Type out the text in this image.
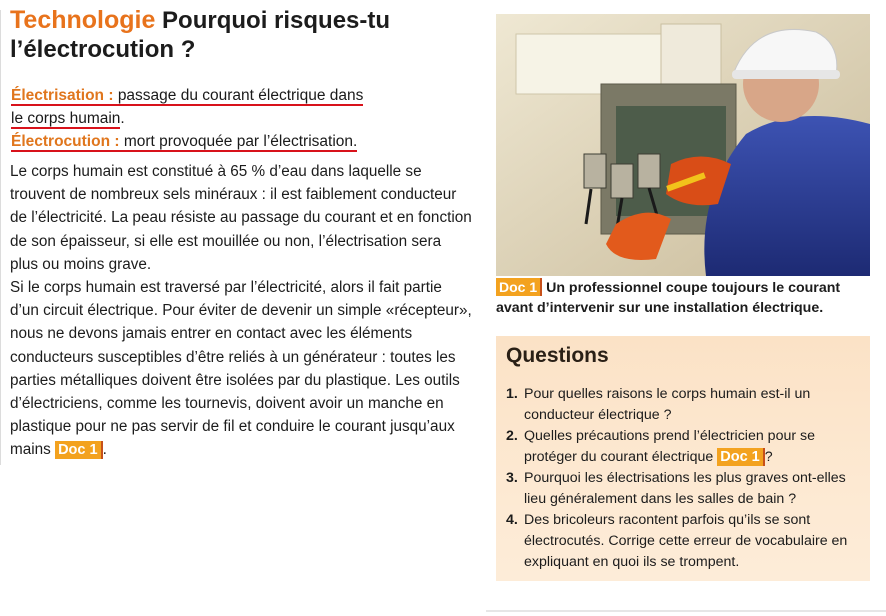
Technologie Pourquoi risques-tu
l’électrocution ?
Électrisation : passage du courant électrique dans
le corps humain.
Électrocution : mort provoquée par l’électrisation.
Le corps humain est constitué à 65 % d’eau dans laquelle se trouvent de nombreux sels minéraux : il est faiblement conducteur de l’électricité. La peau résiste au passage du courant et en fonction de son épaisseur, si elle est mouillée ou non, l’électrisation sera plus ou moins grave.
Si le corps humain est traversé par l’électricité, alors il fait partie d’un circuit électrique. Pour éviter de devenir un simple «récepteur», nous ne devons jamais entrer en contact avec les éléments conducteurs susceptibles d’être reliés à un générateur : toutes les parties métalliques doivent être isolées par du plastique. Les outils d’électriciens, comme les tournevis, doivent avoir un manche en plastique pour ne pas servir de fil et conduire le courant jusqu’aux mains Doc 1 .
Doc 1 Un professionnel coupe toujours le courant avant d’intervenir sur une installation électrique.
Questions
1. Pour quelles raisons le corps humain est-il un conducteur électrique ?
2. Quelles précautions prend l’électricien pour se protéger du courant électrique Doc 1 ?
3. Pourquoi les électrisations les plus graves ont-elles lieu généralement dans les salles de bain ?
4. Des bricoleurs racontent parfois qu’ils se sont électrocutés. Corrige cette erreur de vocabulaire en expliquant en quoi ils se trompent.
